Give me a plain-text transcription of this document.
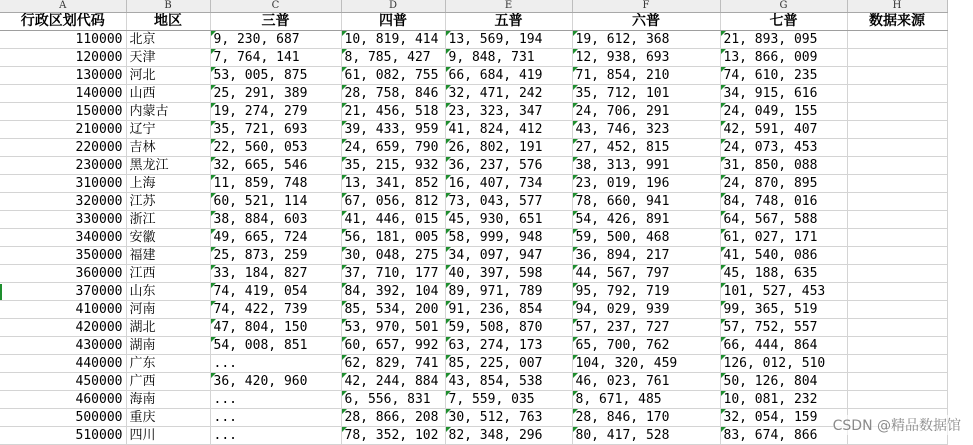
A	B	C	D	E	F	G	H
行政区划代码	地区	三普	四普	五普	六普	七普	数据来源
110000	北京	9, 230, 687	10, 819, 414	13, 569, 194	19, 612, 368	21, 893, 095	
120000	天津	7, 764, 141	8, 785, 427	9, 848, 731	12, 938, 693	13, 866, 009	
130000	河北	53, 005, 875	61, 082, 755	66, 684, 419	71, 854, 210	74, 610, 235	
140000	山西	25, 291, 389	28, 758, 846	32, 471, 242	35, 712, 101	34, 915, 616	
150000	内蒙古	19, 274, 279	21, 456, 518	23, 323, 347	24, 706, 291	24, 049, 155	
210000	辽宁	35, 721, 693	39, 433, 959	41, 824, 412	43, 746, 323	42, 591, 407	
220000	吉林	22, 560, 053	24, 659, 790	26, 802, 191	27, 452, 815	24, 073, 453	
230000	黑龙江	32, 665, 546	35, 215, 932	36, 237, 576	38, 313, 991	31, 850, 088	
310000	上海	11, 859, 748	13, 341, 852	16, 407, 734	23, 019, 196	24, 870, 895	
320000	江苏	60, 521, 114	67, 056, 812	73, 043, 577	78, 660, 941	84, 748, 016	
330000	浙江	38, 884, 603	41, 446, 015	45, 930, 651	54, 426, 891	64, 567, 588	
340000	安徽	49, 665, 724	56, 181, 005	58, 999, 948	59, 500, 468	61, 027, 171	
350000	福建	25, 873, 259	30, 048, 275	34, 097, 947	36, 894, 217	41, 540, 086	
360000	江西	33, 184, 827	37, 710, 177	40, 397, 598	44, 567, 797	45, 188, 635	
370000	山东	74, 419, 054	84, 392, 104	89, 971, 789	95, 792, 719	101, 527, 453	
410000	河南	74, 422, 739	85, 534, 200	91, 236, 854	94, 029, 939	99, 365, 519	
420000	湖北	47, 804, 150	53, 970, 501	59, 508, 870	57, 237, 727	57, 752, 557	
430000	湖南	54, 008, 851	60, 657, 992	63, 274, 173	65, 700, 762	66, 444, 864	
440000	广东	...	62, 829, 741	85, 225, 007	104, 320, 459	126, 012, 510	
450000	广西	36, 420, 960	42, 244, 884	43, 854, 538	46, 023, 761	50, 126, 804	
460000	海南	...	6, 556, 831	7, 559, 035	8, 671, 485	10, 081, 232	
500000	重庆	...	28, 866, 208	30, 512, 763	28, 846, 170	32, 054, 159	
510000	四川	...	78, 352, 102	82, 348, 296	80, 417, 528	83, 674, 866	
CSDN @精品数据馆
